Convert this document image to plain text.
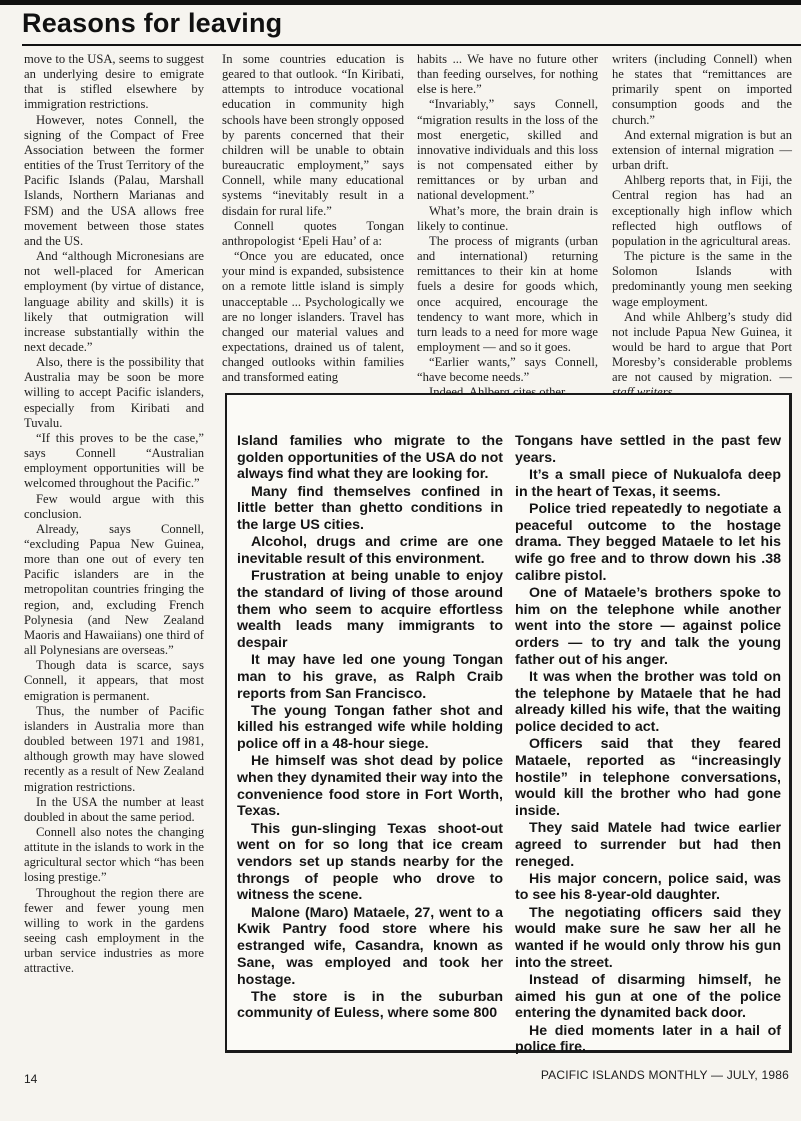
Reasons for leaving

move to the USA, seems to suggest an underlying desire to emigrate that is stifled elsewhere by immigration restrictions.

However, notes Connell, the signing of the Compact of Free Association between the former entities of the Trust Territory of the Pacific Islands (Palau, Marshall Islands, Northern Marianas and FSM) and the USA allows free movement between those states and the US.

And “although Micronesians are not well-placed for American employment (by virtue of distance, language ability and skills) it is likely that outmigration will increase substantially within the next decade.”

Also, there is the possibility that Australia may be soon be more willing to accept Pacific islanders, especially from Kiribati and Tuvalu.

“If this proves to be the case,” says Connell “Australian employment opportunities will be welcomed throughout the Pacific.”

Few would argue with this conclusion.

Already, says Connell, “excluding Papua New Guinea, more than one out of every ten Pacific islanders are in the metropolitan countries fringing the region, and, excluding French Polynesia (and New Zealand Maoris and Hawaiians) one third of all Polynesians are overseas.”

Though data is scarce, says Connell, it appears, that most emigration is permanent.

Thus, the number of Pacific islanders in Australia more than doubled between 1971 and 1981, although growth may have slowed recently as a result of New Zealand migration restrictions.

In the USA the number at least doubled in about the same period.

Connell also notes the changing attitute in the islands to work in the agricultural sector which “has been losing prestige.”

Throughout the region there are fewer and fewer young men willing to work in the gardens seeing cash employment in the urban service industries as more attractive.

In some countries education is geared to that outlook. “In Kiribati, attempts to introduce vocational education in community high schools have been strongly opposed by parents concerned that their children will be unable to obtain bureaucratic employment,” says Connell, while many educational systems “inevitably result in a disdain for rural life.”

Connell quotes Tongan anthropologist ‘Epeli Hau’ of a:

“Once you are educated, once your mind is expanded, subsistence on a remote little island is simply unacceptable ... Psychologically we are no longer islanders. Travel has changed our material values and expectations, drained us of talent, changed outlooks within families and transformed eating

habits ... We have no future other than feeding ourselves, for nothing else is here.”

“Invariably,” says Connell, “migration results in the loss of the most energetic, skilled and innovative individuals and this loss is not compensated either by remittances or by urban and national development.”

What’s more, the brain drain is likely to continue.

The process of migrants (urban and international) returning remittances to their kin at home fuels a desire for goods which, once acquired, encourage the tendency to want more, which in turn leads to a need for more wage employment — and so it goes.

“Earlier wants,” says Connell, “have become needs.”

writers (including Connell) when he states that “remittances are primarily spent on imported consumption goods and the church.”

And external migration is but an extension of internal migration — urban drift.

Ahlberg reports that, in Fiji, the Central region has had an exceptionally high inflow which reflected high outflows of population in the agricultural areas.

The picture is the same in the Solomon Islands with predominantly young men seeking wage employment.

And while Ahlberg’s study did not include Papua New Guinea, it would be hard to argue that Port Moresby’s considerable problems are not caused by migration. —

Island families who migrate to the golden opportunities of the USA do not always find what they are looking for.

Many find themselves confined in little better than ghetto conditions in the large US cities.

Alcohol, drugs and crime are one inevitable result of this environment.

Frustration at being unable to enjoy the standard of living of those around them who seem to acquire effortless wealth leads many immigrants to despair

It may have led one young Tongan man to his grave, as Ralph Craib reports from San Francisco.

The young Tongan father shot and killed his estranged wife while holding police off in a 48-hour siege.

He himself was shot dead by police when they dynamited their way into the convenience food store in Fort Worth, Texas.

This gun-slinging Texas shoot-out went on for so long that ice cream vendors set up stands nearby for the throngs of people who drove to witness the scene.

Malone (Maro) Mataele, 27, went to a Kwik Pantry food store where his estranged wife, Casandra, known as Sane, was employed and took her hostage.

The store is in the suburban community of Euless, where some 800

Tongans have settled in the past few years.

It’s a small piece of Nukualofa deep in the heart of Texas, it seems.

Police tried repeatedly to negotiate a peaceful outcome to the hostage drama. They begged Mataele to let his wife go free and to throw down his .38 calibre pistol.

One of Mataele’s brothers spoke to him on the telephone while another went into the store — against police orders — to try and talk the young father out of his anger.

It was when the brother was told on the telephone by Mataele that he had already killed his wife, that the waiting police decided to act.

Officers said that they feared Mataele, reported as “increasingly hostile” in telephone conversations, would kill the brother who had gone inside.

They said Matele had twice earlier agreed to surrender but had then reneged.

His major concern, police said, was to see his 8-year-old daughter.

The negotiating officers said they would make sure he saw her all he wanted if he would only throw his gun into the street.

Instead of disarming himself, he aimed his gun at one of the police entering the dynamited back door.

He died moments later in a hail of police fire.

14	PACIFIC ISLANDS MONTHLY — JULY, 1986
